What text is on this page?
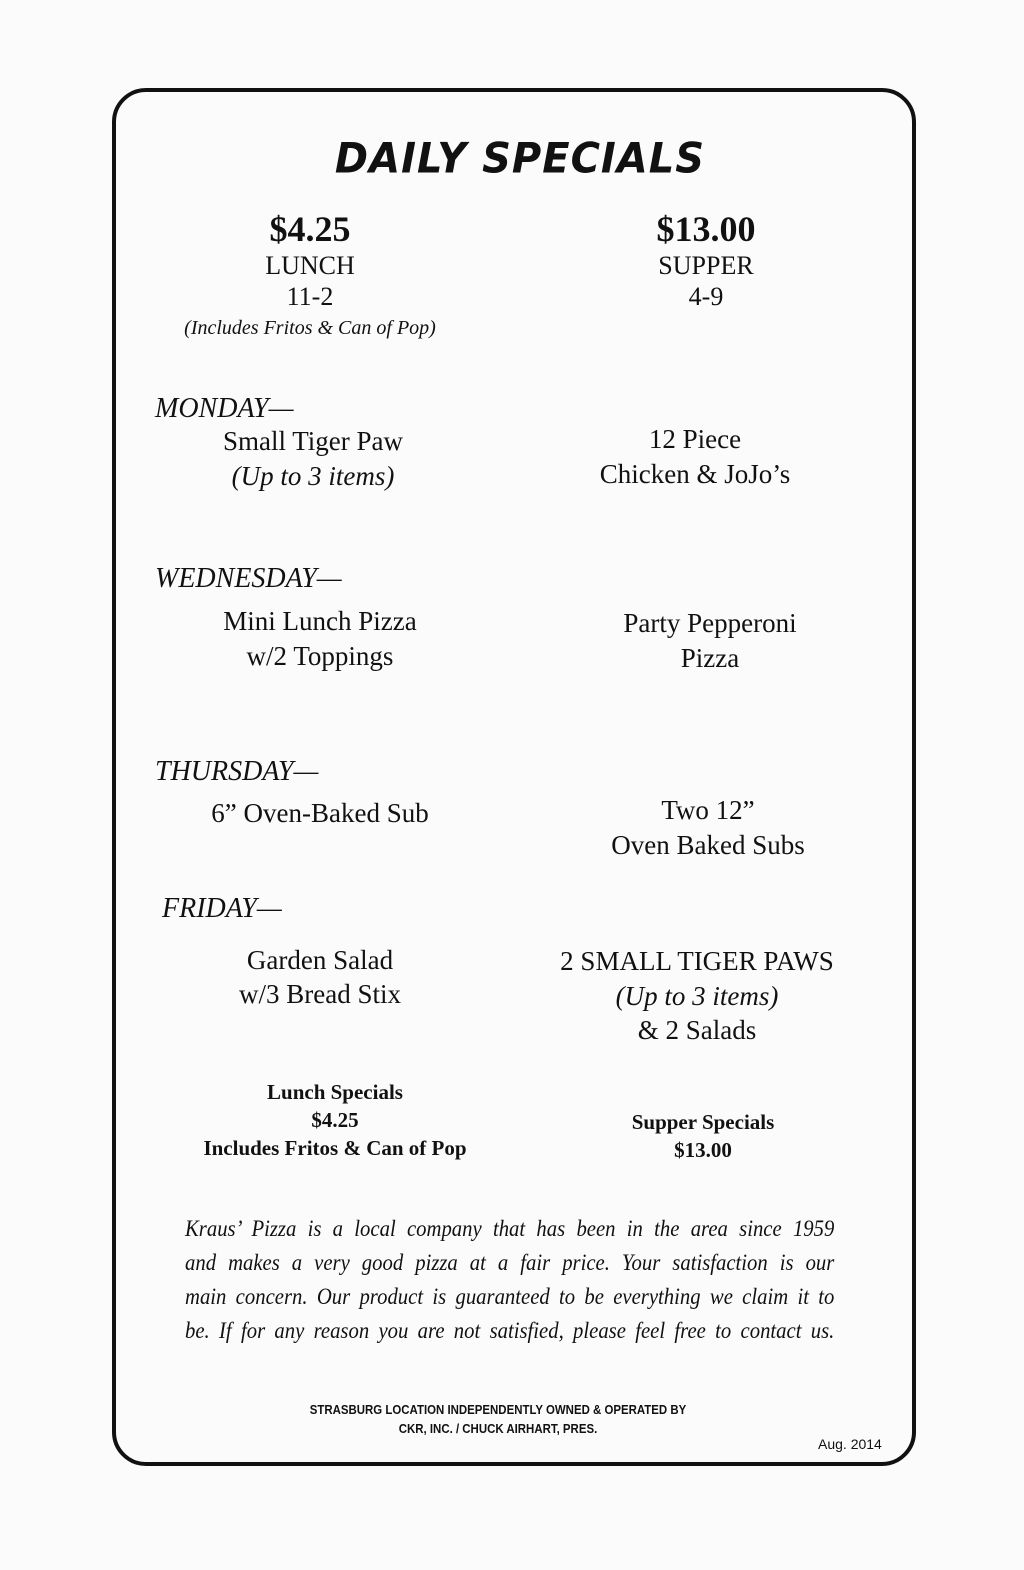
DAILY SPECIALS
$4.25
LUNCH
11-2
(Includes Fritos & Can of Pop)
$13.00
SUPPER
4-9
MONDAY—
Small Tiger Paw
(Up to 3 items)
12 Piece
Chicken & JoJo’s
WEDNESDAY—
Mini Lunch Pizza
w/2 Toppings
Party Pepperoni
Pizza
THURSDAY—
6” Oven-Baked Sub	Two 12”
Oven Baked Subs
FRIDAY—
Garden Salad
w/3 Bread Stix
2 SMALL TIGER PAWS
(Up to 3 items)
& 2 Salads
Lunch Specials
$4.25
Includes Fritos & Can of Pop
Supper Specials
$13.00
Kraus’ Pizza is a local company that has been in the area since 1959
and makes a very good pizza at a fair price. Your satisfaction is our
main concern. Our product is guaranteed to be everything we claim it to
be. If for any reason you are not satisfied, please feel free to contact us.
STRASBURG LOCATION INDEPENDENTLY OWNED & OPERATED BY
CKR, INC. / CHUCK AIRHART, PRES.
Aug. 2014
